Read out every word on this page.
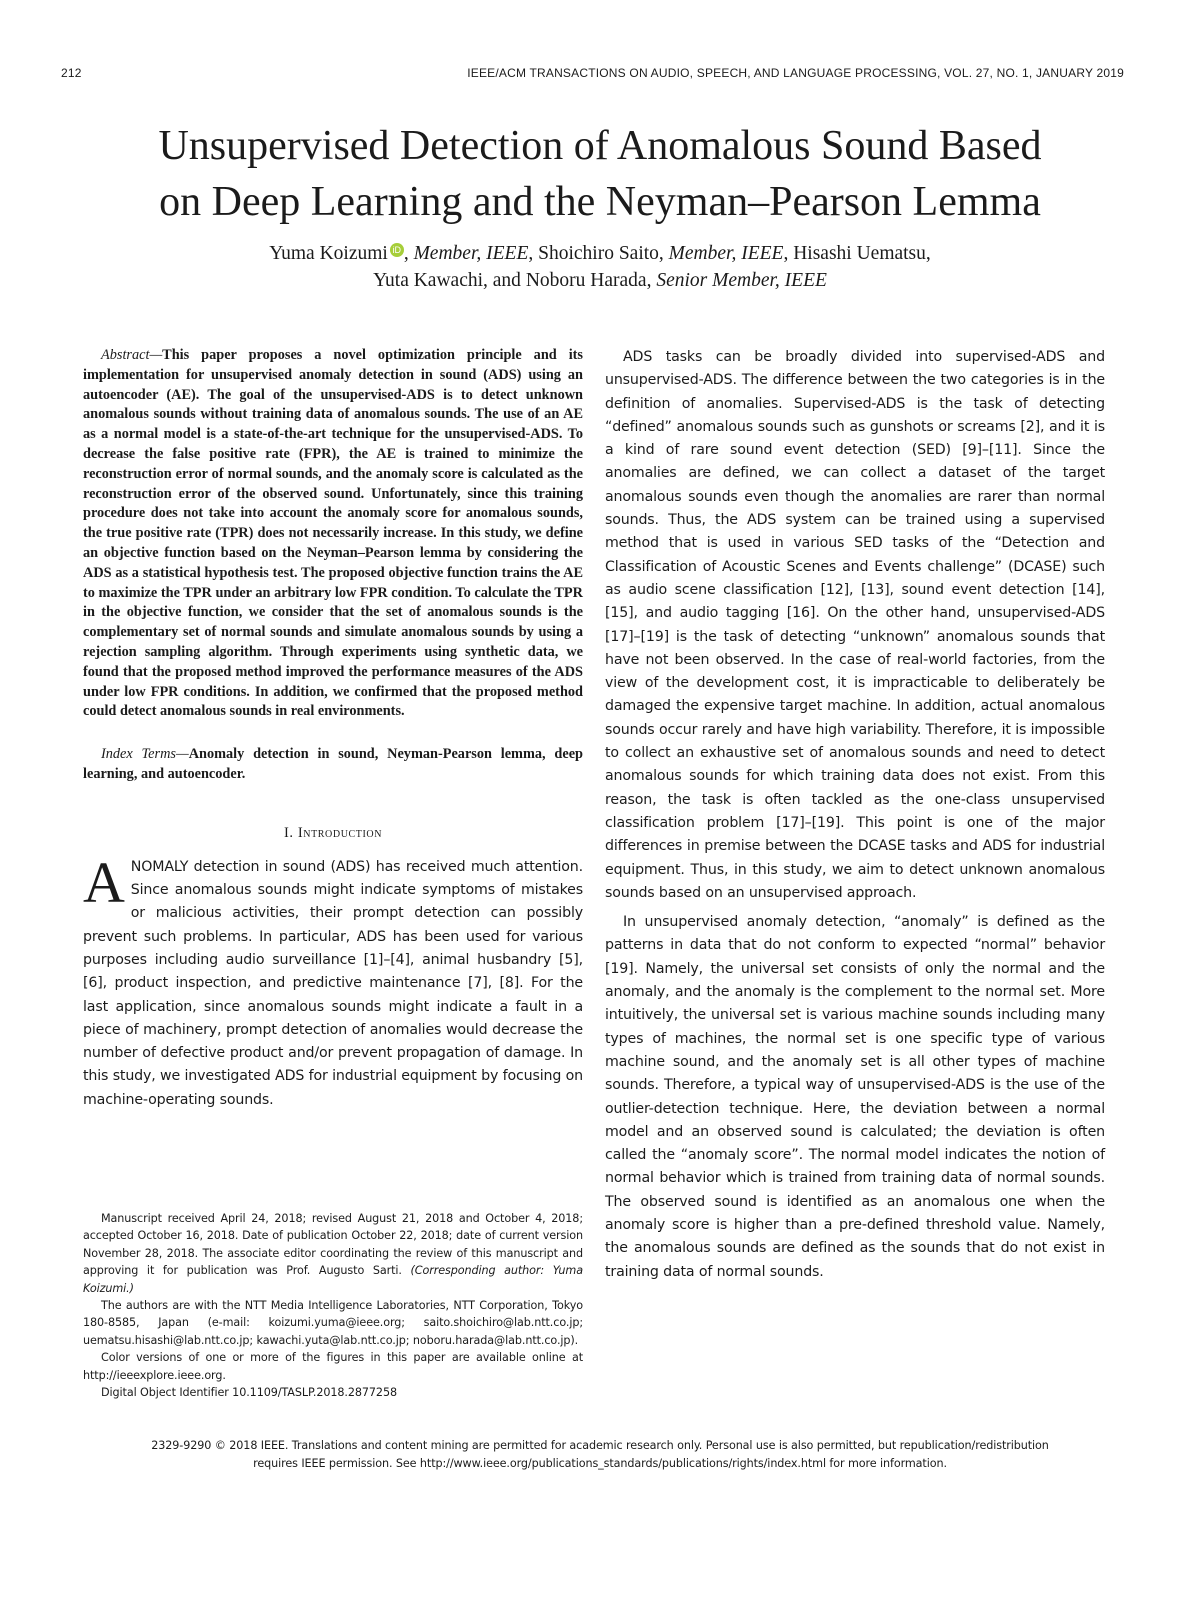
212	IEEE/ACM TRANSACTIONS ON AUDIO, SPEECH, AND LANGUAGE PROCESSING, VOL. 27, NO. 1, JANUARY 2019
Unsupervised Detection of Anomalous Sound Based
on Deep Learning and the Neyman–Pearson Lemma
Yuma Koizumi iD , Member, IEEE, Shoichiro Saito, Member, IEEE, Hisashi Uematsu,
Yuta Kawachi, and Noboru Harada, Senior Member, IEEE

Abstract—This paper proposes a novel optimization principle and its implementation for unsupervised anomaly detection in sound (ADS) using an autoencoder (AE). The goal of the unsupervised-ADS is to detect unknown anomalous sounds without training data of anomalous sounds. The use of an AE as a normal model is a state-of-the-art technique for the unsupervised-ADS. To decrease the false positive rate (FPR), the AE is trained to minimize the reconstruction error of normal sounds, and the anomaly score is calculated as the reconstruction error of the observed sound. Unfortunately, since this training procedure does not take into account the anomaly score for anomalous sounds, the true positive rate (TPR) does not necessarily increase. In this study, we define an objective function based on the Neyman–Pearson lemma by considering the ADS as a statistical hypothesis test. The proposed objective function trains the AE to maximize the TPR under an arbitrary low FPR condition. To calculate the TPR in the objective function, we consider that the set of anomalous sounds is the complementary set of normal sounds and simulate anomalous sounds by using a rejection sampling algorithm. Through experiments using synthetic data, we found that the proposed method improved the performance measures of the ADS under low FPR conditions. In addition, we confirmed that the proposed method could detect anomalous sounds in real environments.

Index Terms—Anomaly detection in sound, Neyman-Pearson lemma, deep learning, and autoencoder.

I. Introduction

ANOMALY detection in sound (ADS) has received much attention. Since anomalous sounds might indicate symptoms of mistakes or malicious activities, their prompt detection can possibly prevent such problems. In particular, ADS has been used for various purposes including audio surveillance [1]–[4], animal husbandry [5], [6], product inspection, and predictive maintenance [7], [8]. For the last application, since anomalous sounds might indicate a fault in a piece of machinery, prompt detection of anomalies would decrease the number of defective product and/or prevent propagation of damage. In this study, we investigated ADS for industrial equipment by focusing on machine-operating sounds.

ADS tasks can be broadly divided into supervised-ADS and unsupervised-ADS. The difference between the two categories is in the definition of anomalies. Supervised-ADS is the task of detecting “defined” anomalous sounds such as gunshots or screams [2], and it is a kind of rare sound event detection (SED) [9]–[11]. Since the anomalies are defined, we can collect a dataset of the target anomalous sounds even though the anomalies are rarer than normal sounds. Thus, the ADS system can be trained using a supervised method that is used in various SED tasks of the “Detection and Classification of Acoustic Scenes and Events challenge” (DCASE) such as audio scene classification [12], [13], sound event detection [14], [15], and audio tagging [16]. On the other hand, unsupervised-ADS [17]–[19] is the task of detecting “unknown” anomalous sounds that have not been observed. In the case of real-world factories, from the view of the development cost, it is impracticable to deliberately be damaged the expensive target machine. In addition, actual anomalous sounds occur rarely and have high variability. Therefore, it is impossible to collect an exhaustive set of anomalous sounds and need to detect anomalous sounds for which training data does not exist. From this reason, the task is often tackled as the one-class unsupervised classification problem [17]–[19]. This point is one of the major differences in premise between the DCASE tasks and ADS for industrial equipment. Thus, in this study, we aim to detect unknown anomalous sounds based on an unsupervised approach.

In unsupervised anomaly detection, “anomaly” is defined as the patterns in data that do not conform to expected “normal” behavior [19]. Namely, the universal set consists of only the normal and the anomaly, and the anomaly is the complement to the normal set. More intuitively, the universal set is various machine sounds including many types of machines, the normal set is one specific type of various machine sound, and the anomaly set is all other types of machine sounds. Therefore, a typical way of unsupervised-ADS is the use of the outlier-detection technique. Here, the deviation between a normal model and an observed sound is calculated; the deviation is often called the “anomaly score”. The normal model indicates the notion of normal behavior which is trained from training data of normal sounds. The observed sound is identified as an anomalous one when the anomaly score is higher than a pre-defined threshold value. Namely, the anomalous sounds are defined as the sounds that do not exist in training data of normal sounds.

Manuscript received April 24, 2018; revised August 21, 2018 and October 4, 2018; accepted October 16, 2018. Date of publication October 22, 2018; date of current version November 28, 2018. The associate editor coordinating the review of this manuscript and approving it for publication was Prof. Augusto Sarti. (Corresponding author: Yuma Koizumi.)

The authors are with the NTT Media Intelligence Laboratories, NTT Corporation, Tokyo 180-8585, Japan (e-mail: koizumi.yuma@ieee.org; saito.shoichiro@lab.ntt.co.jp; uematsu.hisashi@lab.ntt.co.jp; kawachi.yuta@lab.ntt.co.jp; noboru.harada@lab.ntt.co.jp).

Color versions of one or more of the figures in this paper are available online at http://ieeexplore.ieee.org.

Digital Object Identifier 10.1109/TASLP.2018.2877258

2329-9290 © 2018 IEEE. Translations and content mining are permitted for academic research only. Personal use is also permitted, but republication/redistribution
requires IEEE permission. See http://www.ieee.org/publications_standards/publications/rights/index.html for more information.
